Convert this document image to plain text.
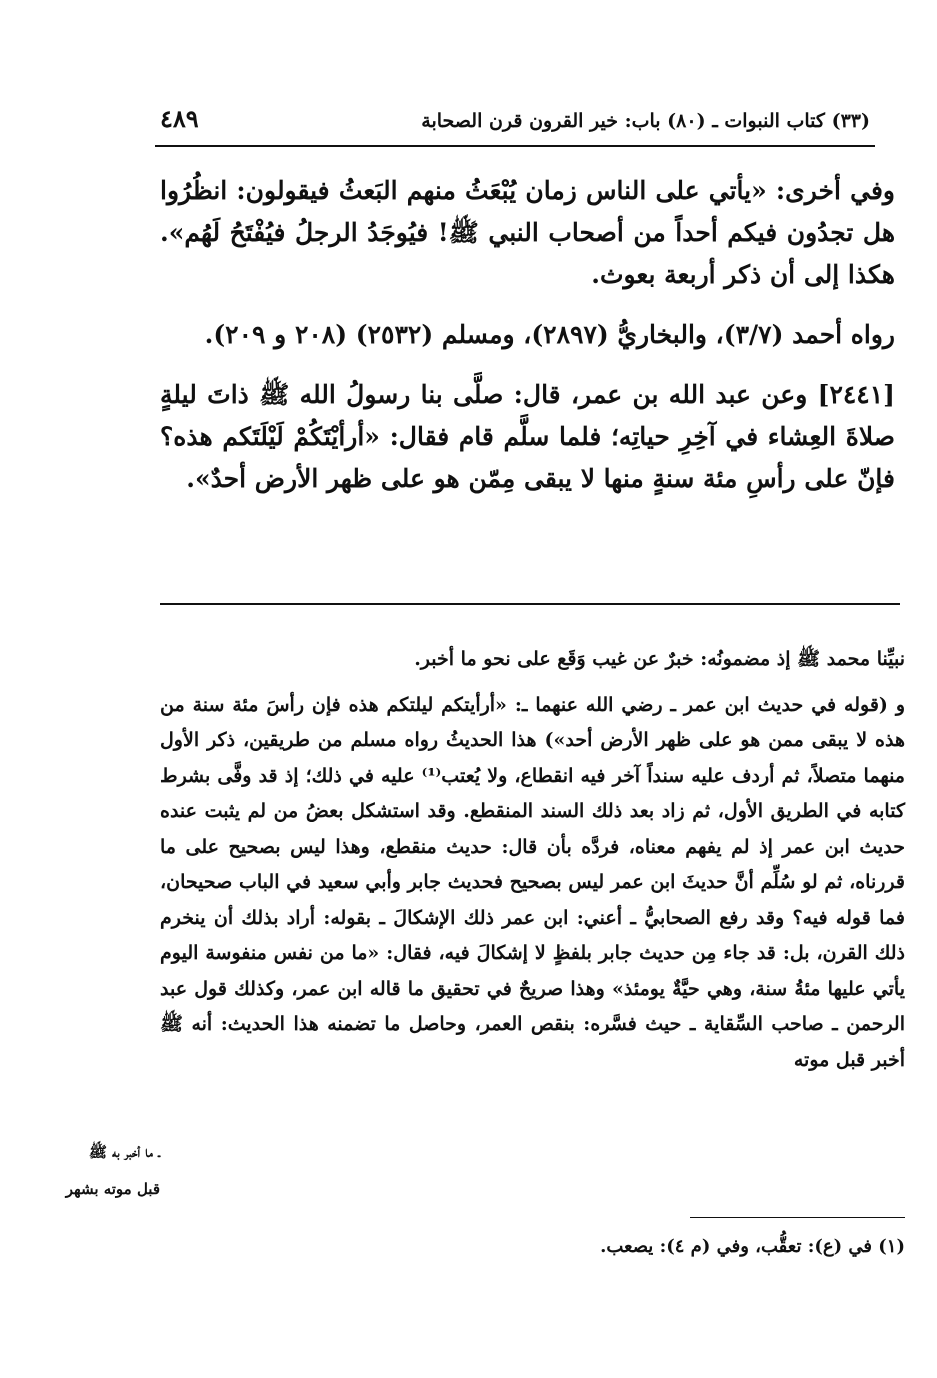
(٣٣) كتاب النبوات ـ (٨٠) باب: خير القرون قرن الصحابة
٤٨٩

وفي أخرى: «يأتي على الناس زمان يُبْعَثُ منهم البَعثُ فيقولون: انظُرُوا هل تجدُون فيكم أحداً من أصحاب النبي ﷺ! فيُوجَدُ الرجلُ فيُفْتَحُ لَهُم». هكذا إلى أن ذكر أربعة بعوث.

رواه أحمد (٣/٧)، والبخاريُّ (٢٨٩٧)، ومسلم (٢٥٣٢) (٢٠٨ و ٢٠٩).

[٢٤٤١] وعن عبد الله بن عمر، قال: صلَّى بنا رسولُ الله ﷺ ذاتَ ليلةٍ صلاةَ العِشاء في آخِرِ حياتِه؛ فلما سلَّم قام فقال: «أرأيْتَكُمْ لَيْلَتَكم هذه؟ فإنّ على رأسِ مئة سنةٍ منها لا يبقى مِمّن هو على ظهر الأرض أحدٌ».

نبيِّنا محمد ﷺ إذ مضمونُه: خبرٌ عن غيب وَقَع على نحو ما أخبر.

و (قوله في حديث ابن عمر ـ رضي الله عنهما ـ: «أرأيتكم ليلتكم هذه فإن رأسَ مئة سنة من هذه لا يبقى ممن هو على ظهر الأرض أحد») هذا الحديثُ رواه مسلم من طريقين، ذكر الأول منهما متصلاً، ثم أردف عليه سنداً آخر فيه انقطاع، ولا يُعتب⁽¹⁾ عليه في ذلك؛ إذ قد وفَّى بشرط كتابه في الطريق الأول، ثم زاد بعد ذلك السند المنقطع. وقد استشكل بعضُ من لم يثبت عنده حديث ابن عمر إذ لم يفهم معناه، فردَّه بأن قال: حديث منقطع، وهذا ليس بصحيح على ما قررناه، ثم لو سُلِّم أنَّ حديثَ ابن عمر ليس بصحيح فحديث جابر وأبي سعيد في الباب صحيحان، فما قوله فيه؟ وقد رفع الصحابيُّ ـ أعني: ابن عمر ذلك الإشكالَ ـ بقوله: أراد بذلك أن ينخرم ذلك القرن، بل: قد جاء مِن حديث جابر بلفظٍ لا إشكالَ فيه، فقال: «ما من نفس منفوسة اليوم يأتي عليها مئةُ سنة، وهي حيَّةٌ يومئذ» وهذا صريحٌ في تحقيق ما قاله ابن عمر، وكذلك قول عبد الرحمن ـ صاحب السِّقاية ـ حيث فسَّره: بنقص العمر، وحاصل ما تضمنه هذا الحديث: أنه ﷺ أخبر قبل موته

ـ ما أخبر به ﷺ
قبل موته بشهر
(١) في (ع): تعقُّب، وفي (م ٤): يصعب.
